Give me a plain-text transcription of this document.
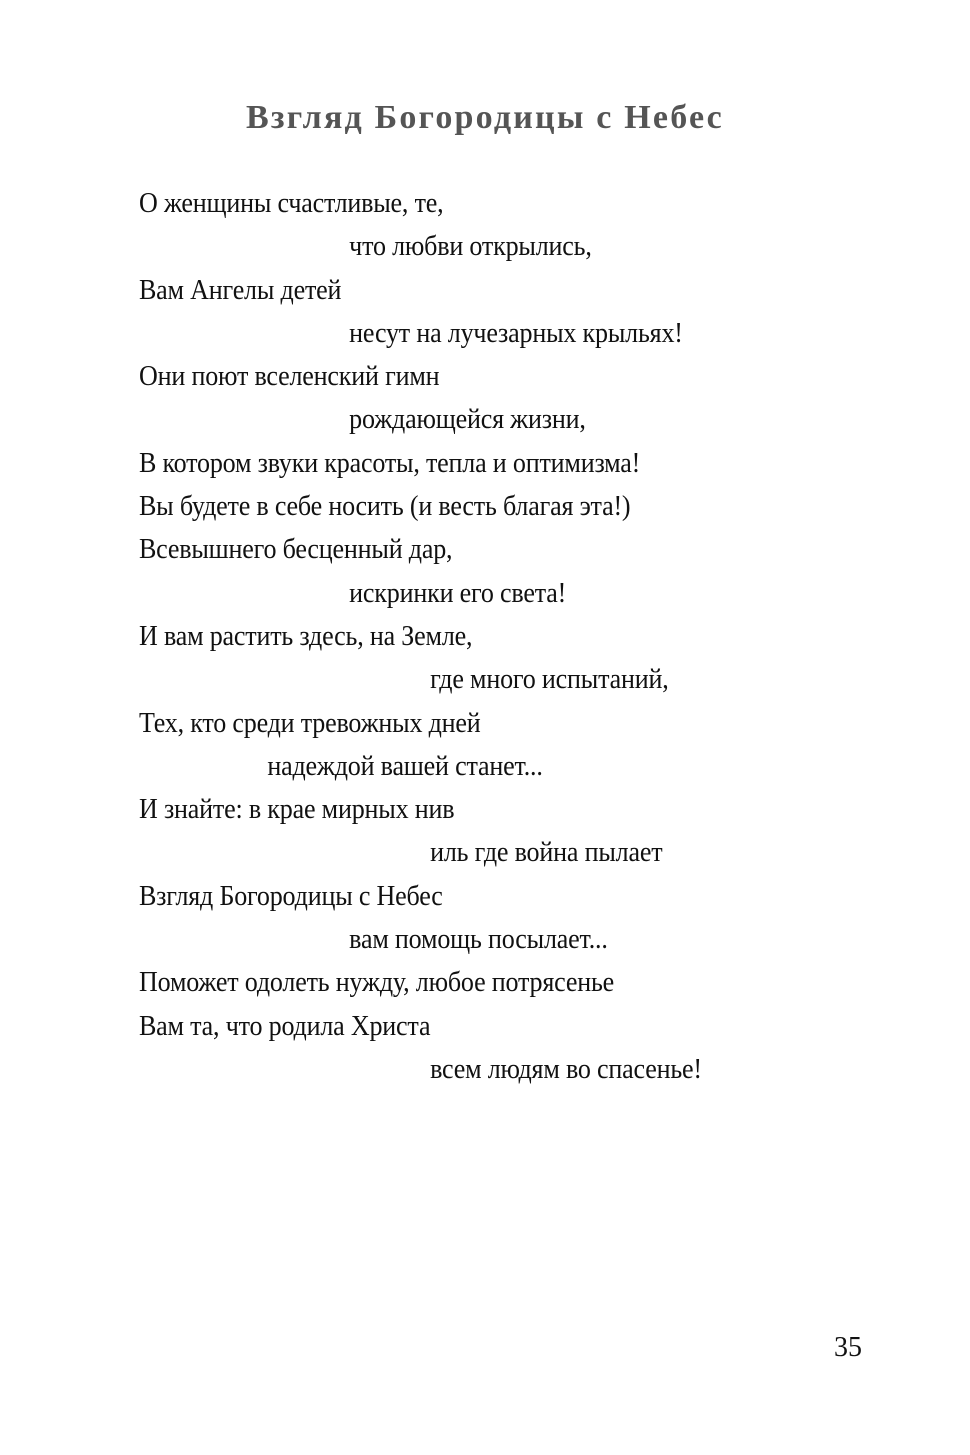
Взгляд Богородицы с Небес
О женщины счастливые, те,
что любви открылись,
Вам Ангелы детей
несут на лучезарных крыльях!
Они поют вселенский гимн
рождающейся жизни,
В котором звуки красоты, тепла и оптимизма!
Вы будете в себе носить (и весть благая эта!)
Всевышнего бесценный дар,
искринки его света!
И вам растить здесь, на Земле,
где много испытаний,
Тех, кто среди тревожных дней
надеждой вашей станет...
И знайте: в крае мирных нив
иль где война пылает
Взгляд Богородицы с Небес
вам помощь посылает...
Поможет одолеть нужду, любое потрясенье
Вам та, что родила Христа
всем людям во спасенье!
35
